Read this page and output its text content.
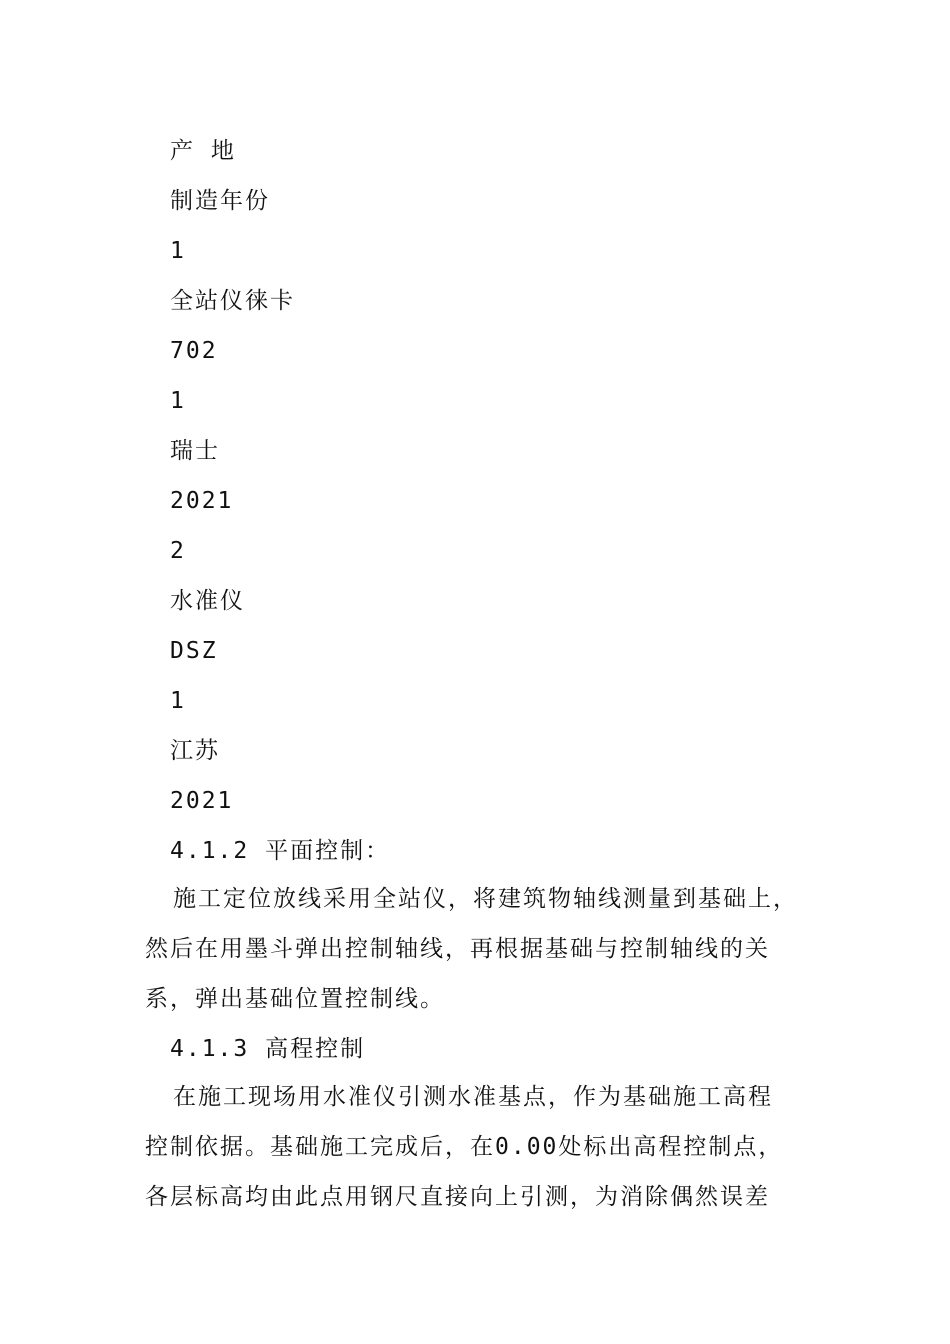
产 地
制造年份
1
全站仪徕卡
702
1
瑞士
2021
2
水准仪
DSZ
1
江苏
2021
4.1.2 平面控制：
施工定位放线采用全站仪，将建筑物轴线测量到基础上，
然后在用墨斗弹出控制轴线，再根据基础与控制轴线的关
系，弹出基础位置控制线。
4.1.3 高程控制
在施工现场用水准仪引测水准基点，作为基础施工高程
控制依据。基础施工完成后，在0.00处标出高程控制点，
各层标高均由此点用钢尺直接向上引测，为消除偶然误差
